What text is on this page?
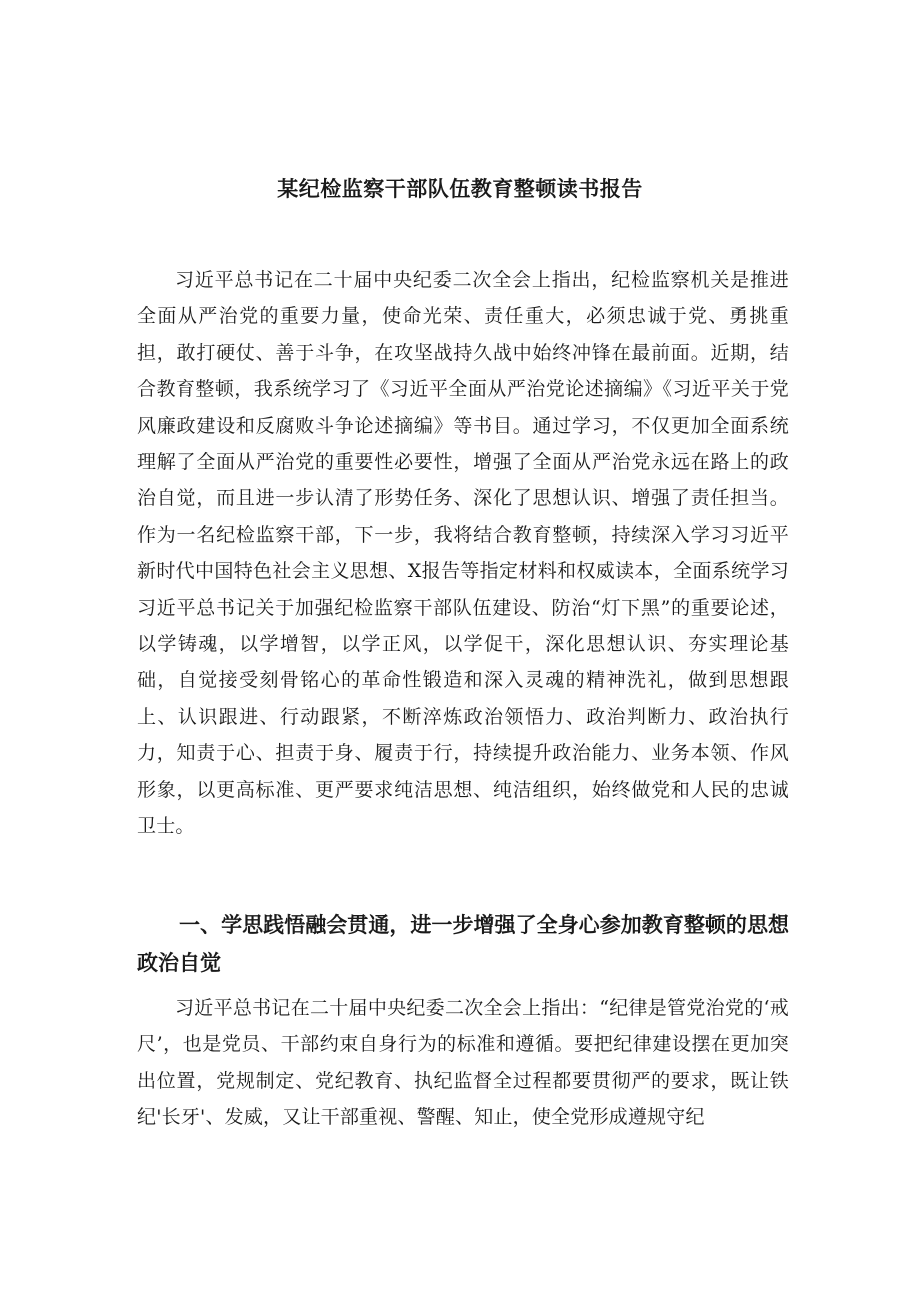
某纪检监察干部队伍教育整顿读书报告

习近平总书记在二十届中央纪委二次全会上指出，纪检监察机关是推进全面从严治党的重要力量，使命光荣、责任重大，必须忠诚于党、勇挑重担，敢打硬仗、善于斗争，在攻坚战持久战中始终冲锋在最前面。近期，结合教育整顿，我系统学习了《习近平全面从严治党论述摘编》《习近平关于党风廉政建设和反腐败斗争论述摘编》等书目。通过学习，不仅更加全面系统理解了全面从严治党的重要性必要性，增强了全面从严治党永远在路上的政治自觉，而且进一步认清了形势任务、深化了思想认识、增强了责任担当。作为一名纪检监察干部，下一步，我将结合教育整顿，持续深入学习习近平新时代中国特色社会主义思想、X报告等指定材料和权威读本，全面系统学习习近平总书记关于加强纪检监察干部队伍建设、防治“灯下黑”的重要论述，以学铸魂，以学增智，以学正风，以学促干，深化思想认识、夯实理论基础，自觉接受刻骨铭心的革命性锻造和深入灵魂的精神洗礼，做到思想跟上、认识跟进、行动跟紧，不断淬炼政治领悟力、政治判断力、政治执行力，知责于心、担责于身、履责于行，持续提升政治能力、业务本领、作风形象，以更高标准、更严要求纯洁思想、纯洁组织，始终做党和人民的忠诚卫士。

一、学思践悟融会贯通，进一步增强了全身心参加教育整顿的思想政治自觉

习近平总书记在二十届中央纪委二次全会上指出：“纪律是管党治党的‘戒尺’，也是党员、干部约束自身行为的标准和遵循。要把纪律建设摆在更加突出位置，党规制定、党纪教育、执纪监督全过程都要贯彻严的要求，既让铁纪'长牙'、发威，又让干部重视、警醒、知止，使全党形成遵规守纪
